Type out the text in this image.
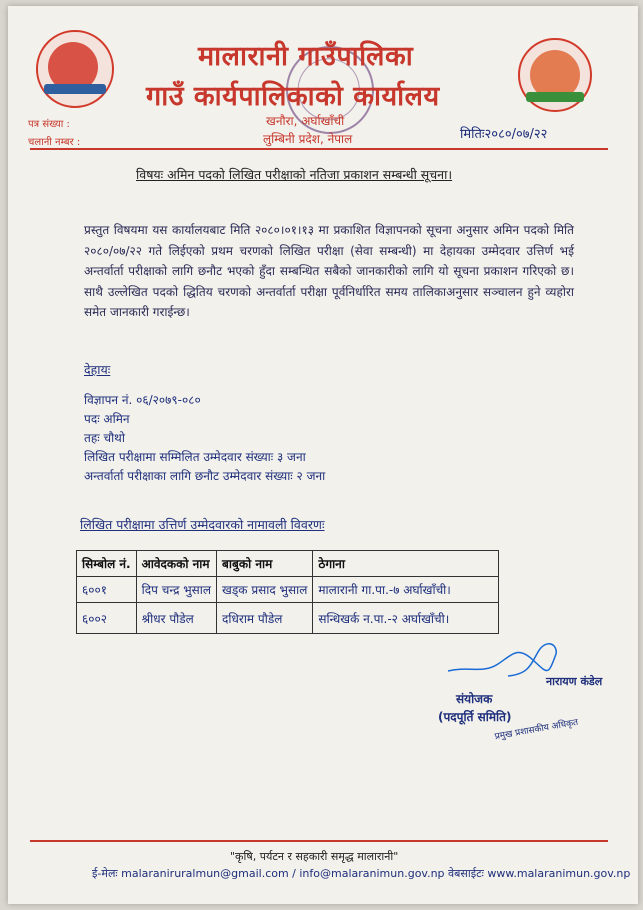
मालारानी गाउँपालिका
गाउँ कार्यपालिकाको कार्यालय
खनौरा, अर्घाखाँची
लुम्बिनी प्रदेश, नेपाल
पत्र संख्या :
चलानी नम्बर :
मितिः२०८०/०७/२२
विषयः अमिन पदको लिखित परीक्षाको नतिजा प्रकाशन सम्बन्धी सूचना।
प्रस्तुत विषयमा यस कार्यालयबाट मिति २०८०।०१।१३ मा प्रकाशित विज्ञापनको सूचना अनुसार अमिन पदको मिति २०८०/०७/२२ गते लिईएको प्रथम चरणको लिखित परीक्षा (सेवा सम्बन्धी) मा देहायका उम्मेदवार उत्तिर्ण भई अन्तर्वार्ता परीक्षाको लागि छनौट भएको हुँदा सम्बन्धित सबैको जानकारीको लागि यो सूचना प्रकाशन गरिएको छ। साथै उल्लेखित पदको द्धितिय चरणको अन्तर्वार्ता परीक्षा पूर्वनिर्धारित समय तालिकाअनुसार सञ्चालन हुने व्यहोरा समेत जानकारी गराईन्छ।
देहायः
विज्ञापन नं. ०६/२०७९-०८०
पदः अमिन
तहः चौथो
लिखित परीक्षामा सम्मिलित उम्मेदवार संख्याः ३ जना
अन्तर्वार्ता परीक्षाका लागि छनौट उम्मेदवार संख्याः २ जना
लिखित परीक्षामा उत्तिर्ण उम्मेदवारको नामावली विवरणः
सिम्बोल नं.	आवेदकको नाम	बाबुको नाम	ठेगाना
६००१	दिप चन्द्र भुसाल	खड्क प्रसाद भुसाल	मालारानी गा.पा.-७ अर्घाखाँची।
६००२	श्रीधर पौडेल	दधिराम पौडेल	सन्धिखर्क न.पा.-२ अर्घाखाँची।
नारायण कंडेल
संयोजक
(पदपूर्ति समिति)
प्रमुख प्रशासकीय अधिकृत
"कृषि, पर्यटन र सहकारी समृद्ध मालारानी"
ई-मेलः malaraniruralmun@gmail.com / info@malaranimun.gov.np वेबसाईटः www.malaranimun.gov.np
